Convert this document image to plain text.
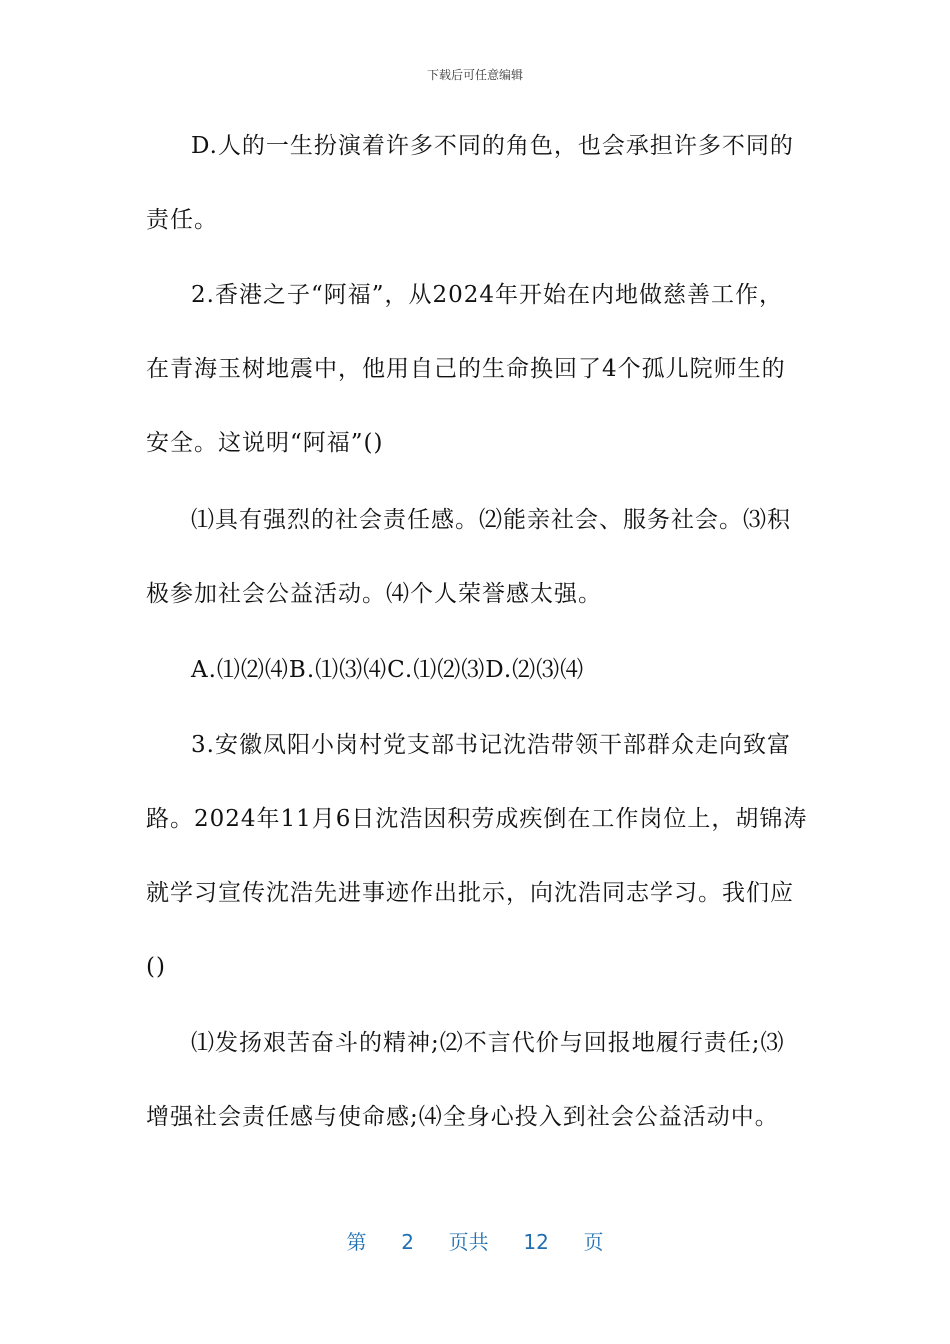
下载后可任意编辑
D.人的一生扮演着许多不同的角色，也会承担许多不同的
责任。
2.香港之子“阿福”，从2024年开始在内地做慈善工作，
在青海玉树地震中，他用自己的生命换回了4个孤儿院师生的
安全。这说明“阿福”()
⑴具有强烈的社会责任感。⑵能亲社会、服务社会。⑶积
极参加社会公益活动。⑷个人荣誉感太强。
A.⑴⑵⑷B.⑴⑶⑷C.⑴⑵⑶D.⑵⑶⑷
3.安徽凤阳小岗村党支部书记沈浩带领干部群众走向致富
路。2024年11月6日沈浩因积劳成疾倒在工作岗位上，胡锦涛
就学习宣传沈浩先进事迹作出批示，向沈浩同志学习。我们应
()
⑴发扬艰苦奋斗的精神;⑵不言代价与回报地履行责任;⑶
增强社会责任感与使命感;⑷全身心投入到社会公益活动中。
第 2 页共 12 页
